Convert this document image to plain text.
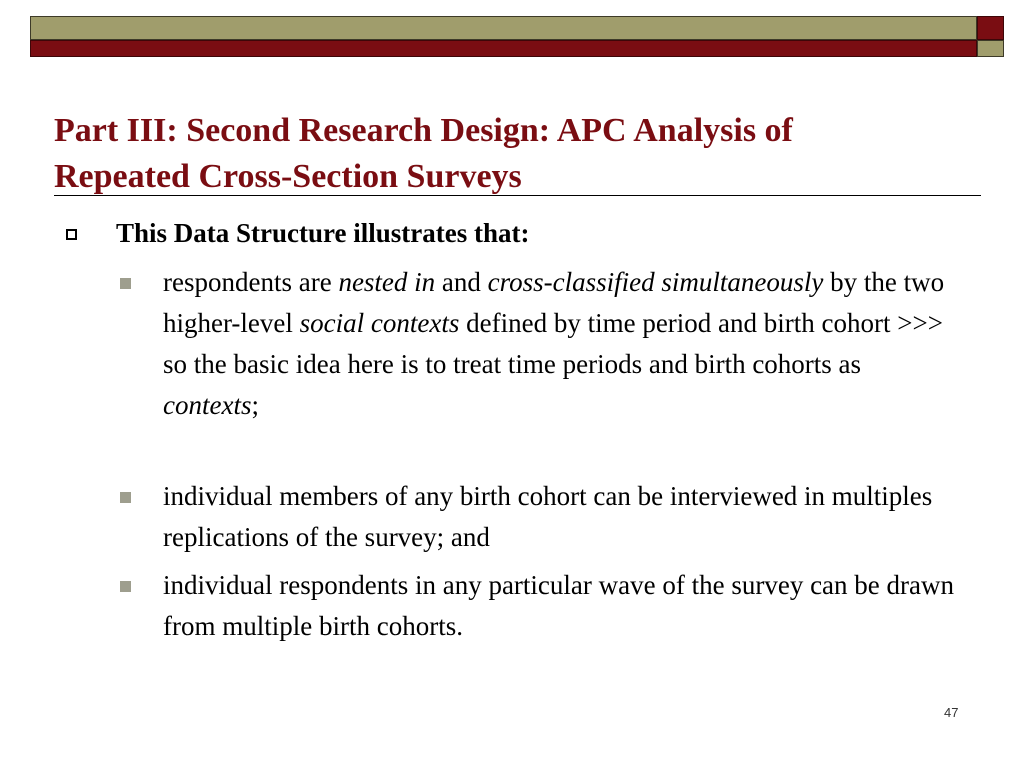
Part III: Second Research Design: APC Analysis of
Repeated Cross-Section Surveys
This Data Structure illustrates that:
respondents are nested in and cross-classified simultaneously by the two higher-level social contexts defined by time period and birth cohort >>> so the basic idea here is to treat time periods and birth cohorts as contexts;
individual members of any birth cohort can be interviewed in multiples replications of the survey; and
individual respondents in any particular wave of the survey can be drawn from multiple birth cohorts.
47
